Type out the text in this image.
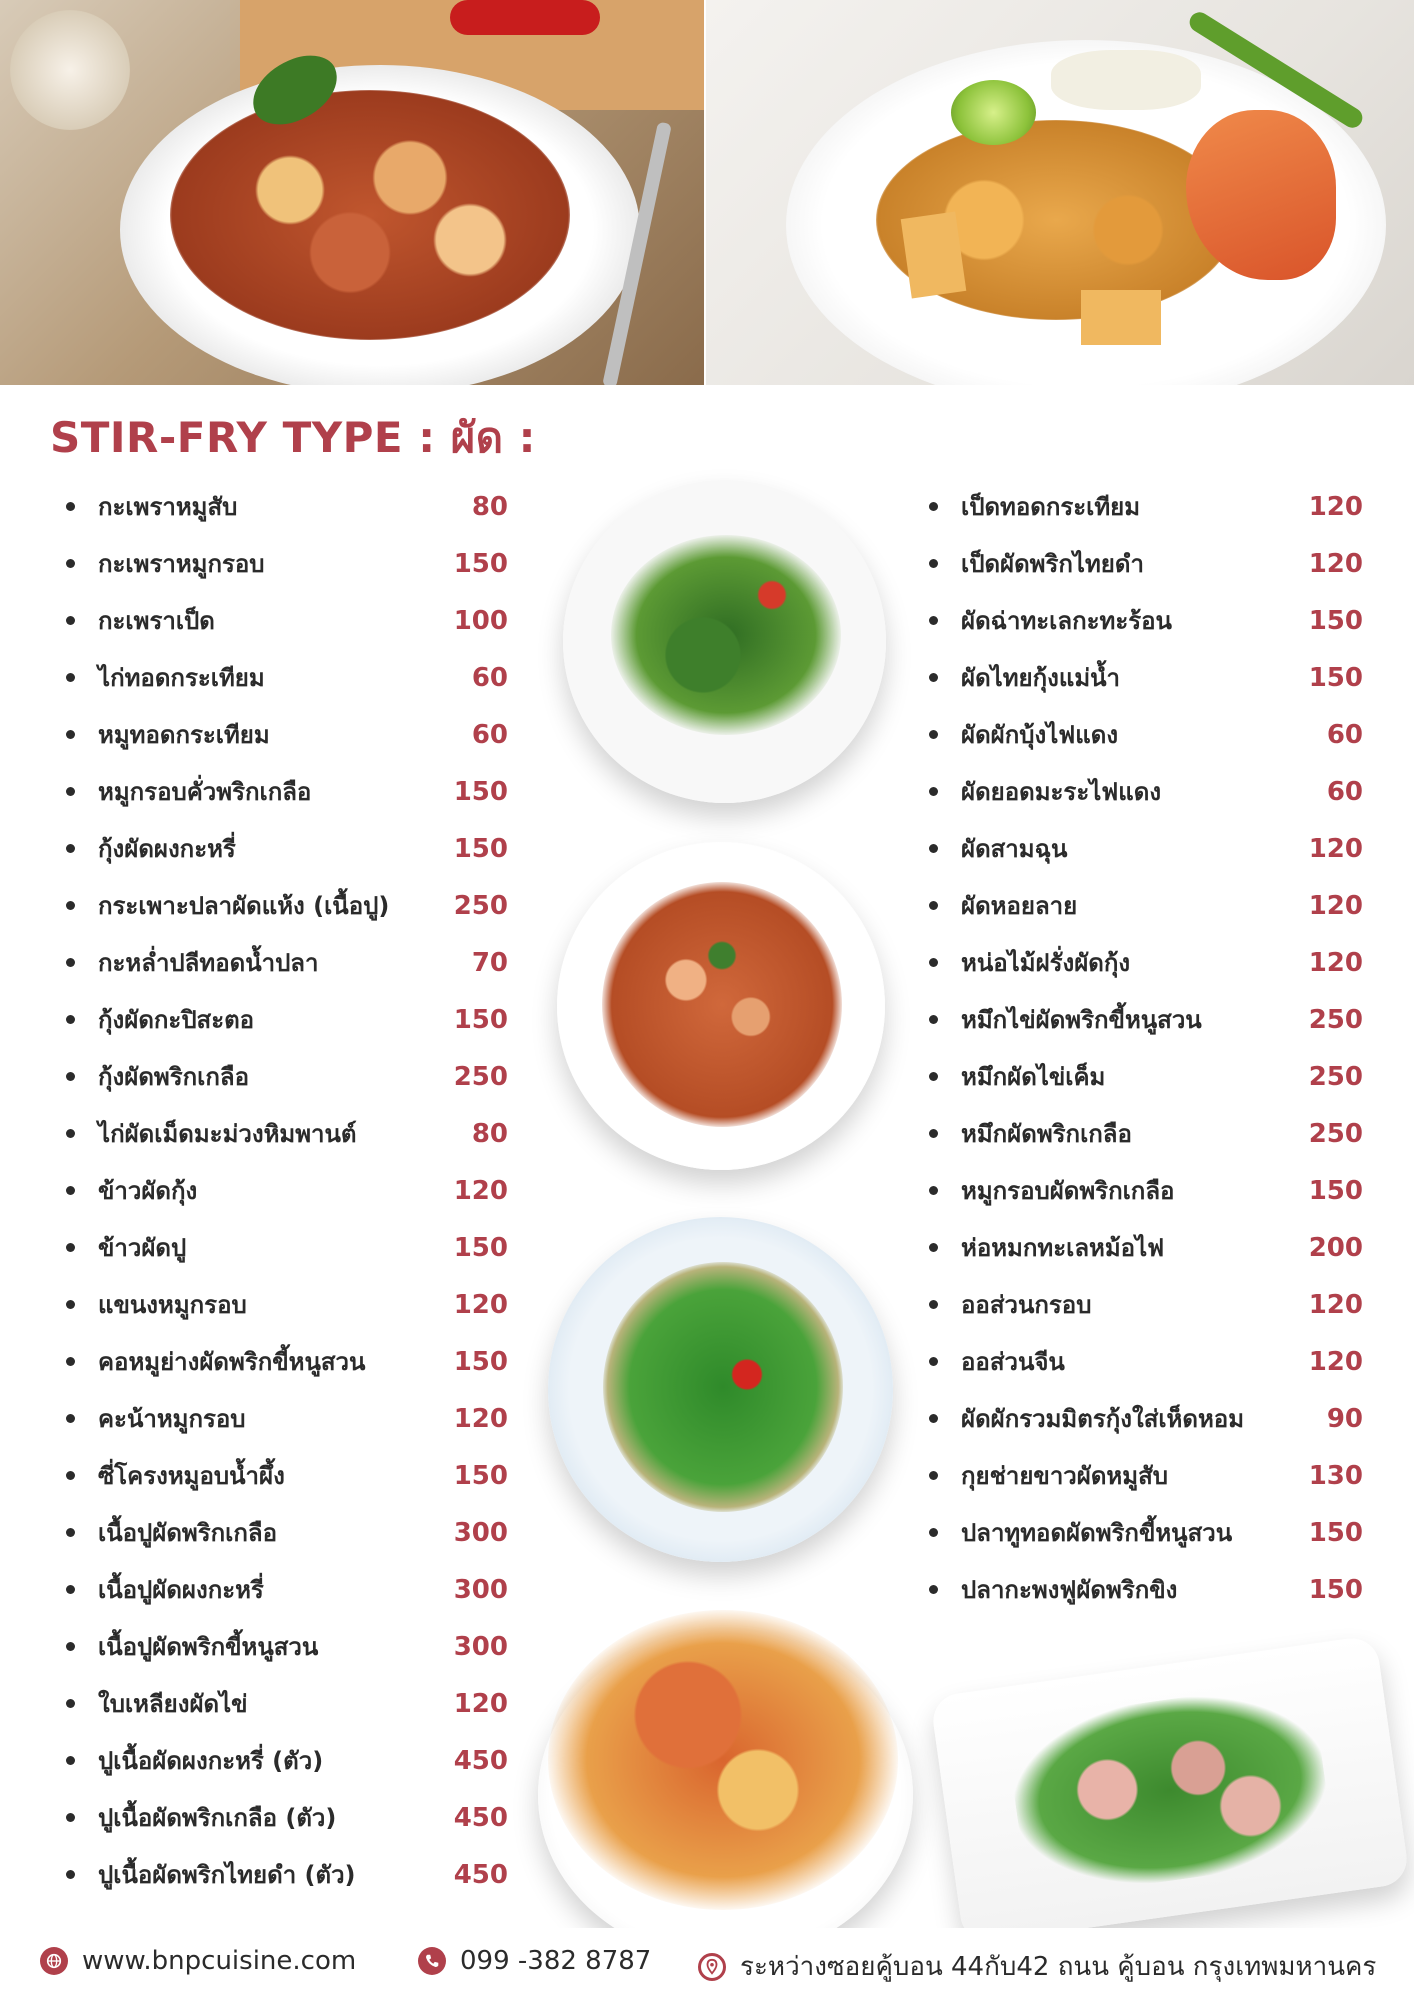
STIR-FRY TYPE : ผัด :
กะเพราหมูสับ	80
กะเพราหมูกรอบ	150
กะเพราเป็ด	100
ไก่ทอดกระเทียม	60
หมูทอดกระเทียม	60
หมูกรอบคั่วพริกเกลือ	150
กุ้งผัดผงกะหรี่	150
กระเพาะปลาผัดแห้ง (เนื้อปู)	250
กะหล่ำปลีทอดน้ำปลา	70
กุ้งผัดกะปิสะตอ	150
กุ้งผัดพริกเกลือ	250
ไก่ผัดเม็ดมะม่วงหิมพานต์	80
ข้าวผัดกุ้ง	120
ข้าวผัดปู	150
แขนงหมูกรอบ	120
คอหมูย่างผัดพริกขี้หนูสวน	150
คะน้าหมูกรอบ	120
ซี่โครงหมูอบน้ำผึ้ง	150
เนื้อปูผัดพริกเกลือ	300
เนื้อปูผัดผงกะหรี่	300
เนื้อปูผัดพริกขี้หนูสวน	300
ใบเหลียงผัดไข่	120
ปูเนื้อผัดผงกะหรี่ (ตัว)	450
ปูเนื้อผัดพริกเกลือ (ตัว)	450
ปูเนื้อผัดพริกไทยดำ (ตัว)	450
เป็ดทอดกระเทียม	120
เป็ดผัดพริกไทยดำ	120
ผัดฉ่าทะเลกะทะร้อน	150
ผัดไทยกุ้งแม่น้ำ	150
ผัดผักบุ้งไฟแดง	60
ผัดยอดมะระไฟแดง	60
ผัดสามฉุน	120
ผัดหอยลาย	120
หน่อไม้ฝรั่งผัดกุ้ง	120
หมึกไข่ผัดพริกขี้หนูสวน	250
หมึกผัดไข่เค็ม	250
หมึกผัดพริกเกลือ	250
หมูกรอบผัดพริกเกลือ	150
ห่อหมกทะเลหม้อไฟ	200
ออส่วนกรอบ	120
ออส่วนจีน	120
ผัดผักรวมมิตรกุ้งใส่เห็ดหอม	90
กุยช่ายขาวผัดหมูสับ	130
ปลาทูทอดผัดพริกขี้หนูสวน	150
ปลากะพงฟูผัดพริกขิง	150
www.bnpcuisine.com	099 -382 8787	ระหว่างซอยคู้บอน 44กับ42 ถนน คู้บอน กรุงเทพมหานคร
